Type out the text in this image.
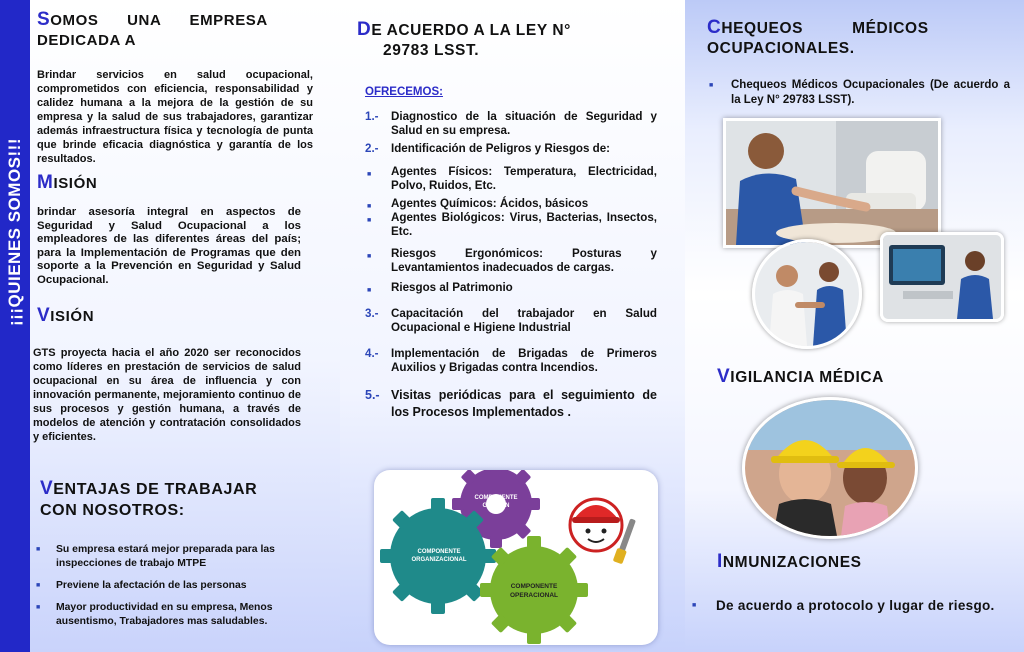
¡¡¡QUIENES SOMOS!!!
SOMOS      UNA      EMPRESA
DEDICADA A
Brindar servicios en salud ocupacional, comprometidos con eficiencia, responsabilidad y calidez humana a la mejora de la gestión de su empresa y la salud de sus trabajadores, garantizar además infraestructura física y tecnología de punta que brinde eficacia diagnóstica y garantía de los resultados.
MISIÓN
brindar asesoría integral en aspectos de Seguridad y Salud Ocupacional a los empleadores de las diferentes áreas del país; para la Implementación de Programas que den soporte a la Prevención en Seguridad y Salud Ocupacional.
VISIÓN
GTS proyecta hacia el año 2020 ser reconocidos como líderes en prestación de servicios de salud ocupacional en su área de influencia y con innovación permanente, mejoramiento continuo de sus procesos y gestión humana, a través de modelos de atención y contratación consolidados y eficientes.
VENTAJAS DE TRABAJAR
CON NOSOTROS:
■ Su empresa estará mejor preparada para las inspecciones de trabajo MTPE
■ Previene la afectación de las personas
■ Mayor productividad en su empresa, Menos ausentismo, Trabajadores mas saludables.
DE ACUERDO A LA LEY N°
29783 LSST.
OFRECEMOS:
1.-	Diagnostico de la situación de Seguridad y Salud en su empresa.
2.-	Identificación de Peligros y Riesgos de:
■	Agentes Físicos: Temperatura, Electricidad, Polvo, Ruidos, Etc.
■	Agentes Químicos: Ácidos, básicos
■	Agentes Biológicos: Virus, Bacterias, Insectos, Etc.
■	Riesgos Ergonómicos: Posturas y Levantamientos inadecuados de cargas.
■	Riesgos al Patrimonio
3.-	Capacitación del trabajador en Salud Ocupacional e Higiene Industrial
4.-	Implementación de Brigadas de Primeros Auxilios y Brigadas contra Incendios.
5.- Visitas periódicas para el seguimiento de los Procesos Implementados .
COMPONENTE GESTIÓN
COMPONENTE ORGANIZACIONAL
COMPONENTE OPERACIONAL
CHEQUEOS          MÉDICOS
OCUPACIONALES.
■ Chequeos Médicos Ocupacionales (De acuerdo a la Ley N° 29783 LSST).
VIGILANCIA MÉDICA
INMUNIZACIONES
■ De acuerdo a protocolo y lugar de riesgo.
